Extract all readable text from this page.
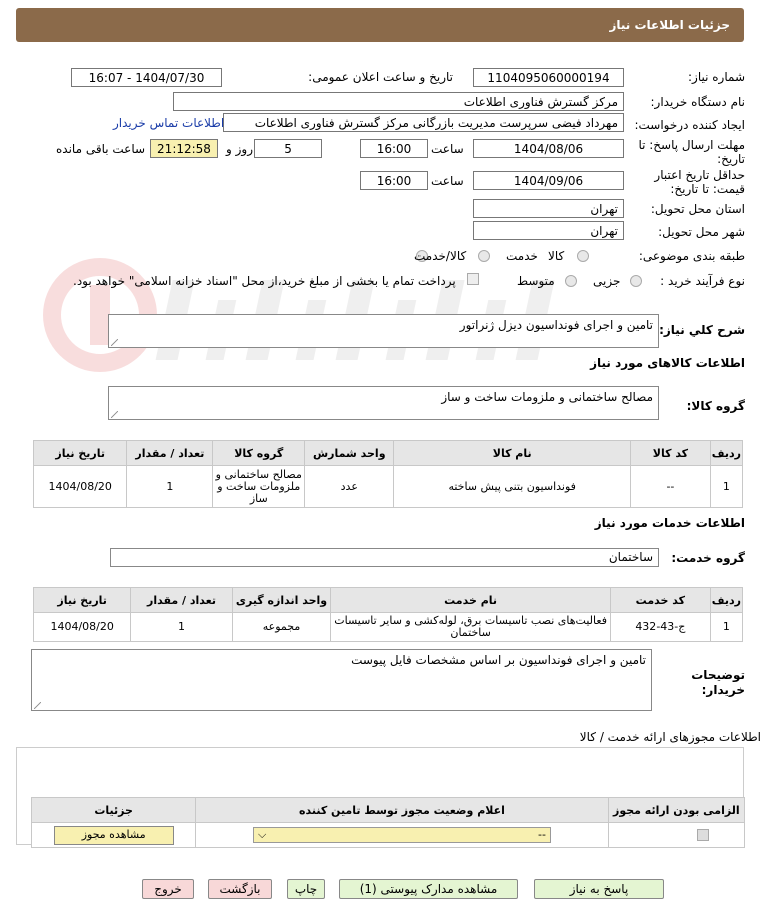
جزئیات اطلاعات نیاز
شماره نیاز:
1104095060000194
تاریخ و ساعت اعلان عمومی:
1404/07/30 - 16:07
نام دستگاه خریدار:
مرکز گسترش فناوری اطلاعات
ایجاد کننده درخواست:
مهرداد فیضی سرپرست مدیریت بازرگانی مرکز گسترش فناوری اطلاعات
اطلاعات تماس خریدار
مهلت ارسال پاسخ: تا
تاریخ:
1404/08/06
ساعت
16:00
5
روز و
21:12:58
ساعت باقی مانده
حداقل تاریخ اعتبار
قیمت: تا تاریخ:
1404/09/06
ساعت
16:00
استان محل تحویل:
تهران
شهر محل تحویل:
تهران
طبقه بندی موضوعی:
کالا
خدمت
کالا/خدمت
نوع فرآیند خرید :
جزیی
متوسط
پرداخت تمام یا بخشی از مبلغ خرید،از محل "اسناد خزانه اسلامی" خواهد بود.
شرح کلي نياز:
تامین و اجرای فونداسیون دیزل ژنراتور
اطلاعات کالاهای مورد نیاز
گروه کالا:
مصالح ساختمانی و ملزومات ساخت و ساز
ردیف	کد کالا	نام کالا	واحد شمارش	گروه کالا	تعداد / مقدار	تاریخ نیاز
1	--	فونداسیون بتنی پیش ساخته	عدد	مصالح ساختمانی و ملزومات ساخت و ساز	1	1404/08/20
اطلاعات خدمات مورد نیاز
گروه خدمت:
ساختمان
ردیف	کد خدمت	نام خدمت	واحد اندازه گیری	تعداد / مقدار	تاریخ نیاز
1	ج-43-432	فعالیت‌های نصب تاسیسات برق، لوله‌کشی و سایر تاسیسات ساختمان	مجموعه	1	1404/08/20
توضیحات
خریدار:
تامین و اجرای فونداسیون بر اساس مشخصات فایل پیوست
اطلاعات مجوزهای ارائه خدمت / کالا
الزامی بودن ارائه مجوز	اعلام وضعیت مجوز توسط تامین کننده	جزئیات

	⌵ --	مشاهده مجوز
پاسخ به نیاز
مشاهده مدارک پیوستی (1)
چاپ
بازگشت
خروج
